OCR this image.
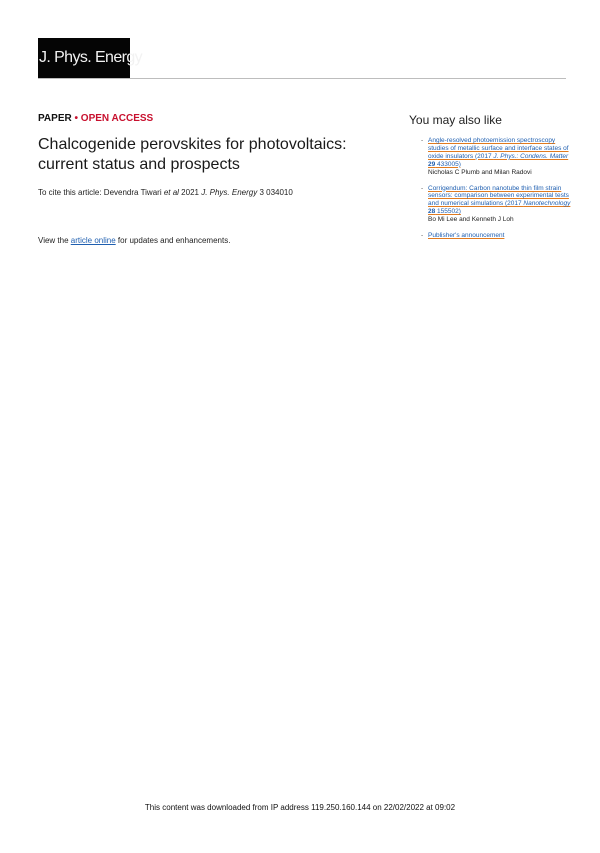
J. Phys. Energy
PAPER • OPEN ACCESS
Chalcogenide perovskites for photovoltaics: current status and prospects
To cite this article: Devendra Tiwari et al 2021 J. Phys. Energy 3 034010
View the article online for updates and enhancements.
You may also like
- Angle-resolved photoemission spectroscopy studies of metallic surface and interface states of oxide insulators (2017 J. Phys.: Condens. Matter 29 433005)
Nicholas C Plumb and Milan Radovi
- Corrigendum: Carbon nanotube thin film strain sensors: comparison between experimental tests and numerical simulations (2017 Nanotechnology 28 155502)
Bo Mi Lee and Kenneth J Loh
- Publisher's announcement
This content was downloaded from IP address 119.250.160.144 on 22/02/2022 at 09:02
